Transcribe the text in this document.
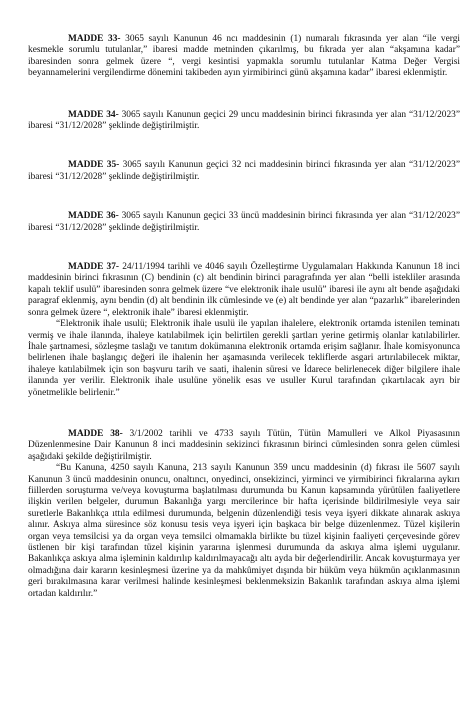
MADDE 33- 3065 sayılı Kanunun 46 ncı maddesinin (1) numaralı fıkrasında yer alan “ile vergi kesmekle sorumlu tutulanlar,” ibaresi madde metninden çıkarılmış, bu fıkrada yer alan “akşamına kadar” ibaresinden sonra gelmek üzere “, vergi kesintisi yapmakla sorumlu tutulanlar Katma Değer Vergisi beyannamelerini vergilendirme dönemini takibeden ayın yirmibirinci günü akşamına kadar” ibaresi eklenmiştir.

MADDE 34- 3065 sayılı Kanunun geçici 29 uncu maddesinin birinci fıkrasında yer alan “31/12/2023” ibaresi “31/12/2028” şeklinde değiştirilmiştir.

MADDE 35- 3065 sayılı Kanunun geçici 32 nci maddesinin birinci fıkrasında yer alan “31/12/2023” ibaresi “31/12/2028” şeklinde değiştirilmiştir.

MADDE 36- 3065 sayılı Kanunun geçici 33 üncü maddesinin birinci fıkrasında yer alan “31/12/2023” ibaresi “31/12/2028” şeklinde değiştirilmiştir.

MADDE 37- 24/11/1994 tarihli ve 4046 sayılı Özelleştirme Uygulamaları Hakkında Kanunun 18 inci maddesinin birinci fıkrasının (C) bendinin (c) alt bendinin birinci paragrafında yer alan “belli istekliler arasında kapalı teklif usulü” ibaresinden sonra gelmek üzere “ve elektronik ihale usulü” ibaresi ile aynı alt bende aşağıdaki paragraf eklenmiş, aynı bendin (d) alt bendinin ilk cümlesinde ve (e) alt bendinde yer alan “pazarlık” ibarelerinden sonra gelmek üzere “, elektronik ihale” ibaresi eklenmiştir.

“Elektronik ihale usulü; Elektronik ihale usulü ile yapılan ihalelere, elektronik ortamda istenilen teminatı vermiş ve ihale ilanında, ihaleye katılabilmek için belirtilen gerekli şartları yerine getirmiş olanlar katılabilirler. İhale şartnamesi, sözleşme taslağı ve tanıtım dokümanına elektronik ortamda erişim sağlanır. İhale komisyonunca belirlenen ihale başlangıç değeri ile ihalenin her aşamasında verilecek tekliflerde asgari artırılabilecek miktar, ihaleye katılabilmek için son başvuru tarih ve saati, ihalenin süresi ve İdarece belirlenecek diğer bilgilere ihale ilanında yer verilir. Elektronik ihale usulüne yönelik esas ve usuller Kurul tarafından çıkartılacak ayrı bir yönetmelikle belirlenir.”

MADDE 38- 3/1/2002 tarihli ve 4733 sayılı Tütün, Tütün Mamulleri ve Alkol Piyasasının Düzenlenmesine Dair Kanunun 8 inci maddesinin sekizinci fıkrasının birinci cümlesinden sonra gelen cümlesi aşağıdaki şekilde değiştirilmiştir.

“Bu Kanuna, 4250 sayılı Kanuna, 213 sayılı Kanunun 359 uncu maddesinin (d) fıkrası ile 5607 sayılı Kanunun 3 üncü maddesinin onuncu, onaltıncı, onyedinci, onsekizinci, yirminci ve yirmibirinci fıkralarına aykırı fiillerden soruşturma ve/veya kovuşturma başlatılması durumunda bu Kanun kapsamında yürütülen faaliyetlere ilişkin verilen belgeler, durumun Bakanlığa yargı mercilerince bir hafta içerisinde bildirilmesiyle veya sair suretlerle Bakanlıkça ıttıla edilmesi durumunda, belgenin düzenlendiği tesis veya işyeri dikkate alınarak askıya alınır. Askıya alma süresince söz konusu tesis veya işyeri için başkaca bir belge düzenlenmez. Tüzel kişilerin organ veya temsilcisi ya da organ veya temsilci olmamakla birlikte bu tüzel kişinin faaliyeti çerçevesinde görev üstlenen bir kişi tarafından tüzel kişinin yararına işlenmesi durumunda da askıya alma işlemi uygulanır. Bakanlıkça askıya alma işleminin kaldırılıp kaldırılmayacağı altı ayda bir değerlendirilir. Ancak kovuşturmaya yer olmadığına dair kararın kesinleşmesi üzerine ya da mahkûmiyet dışında bir hüküm veya hükmün açıklanmasının geri bırakılmasına karar verilmesi halinde kesinleşmesi beklenmeksizin Bakanlık tarafından askıya alma işlemi ortadan kaldırılır.”
